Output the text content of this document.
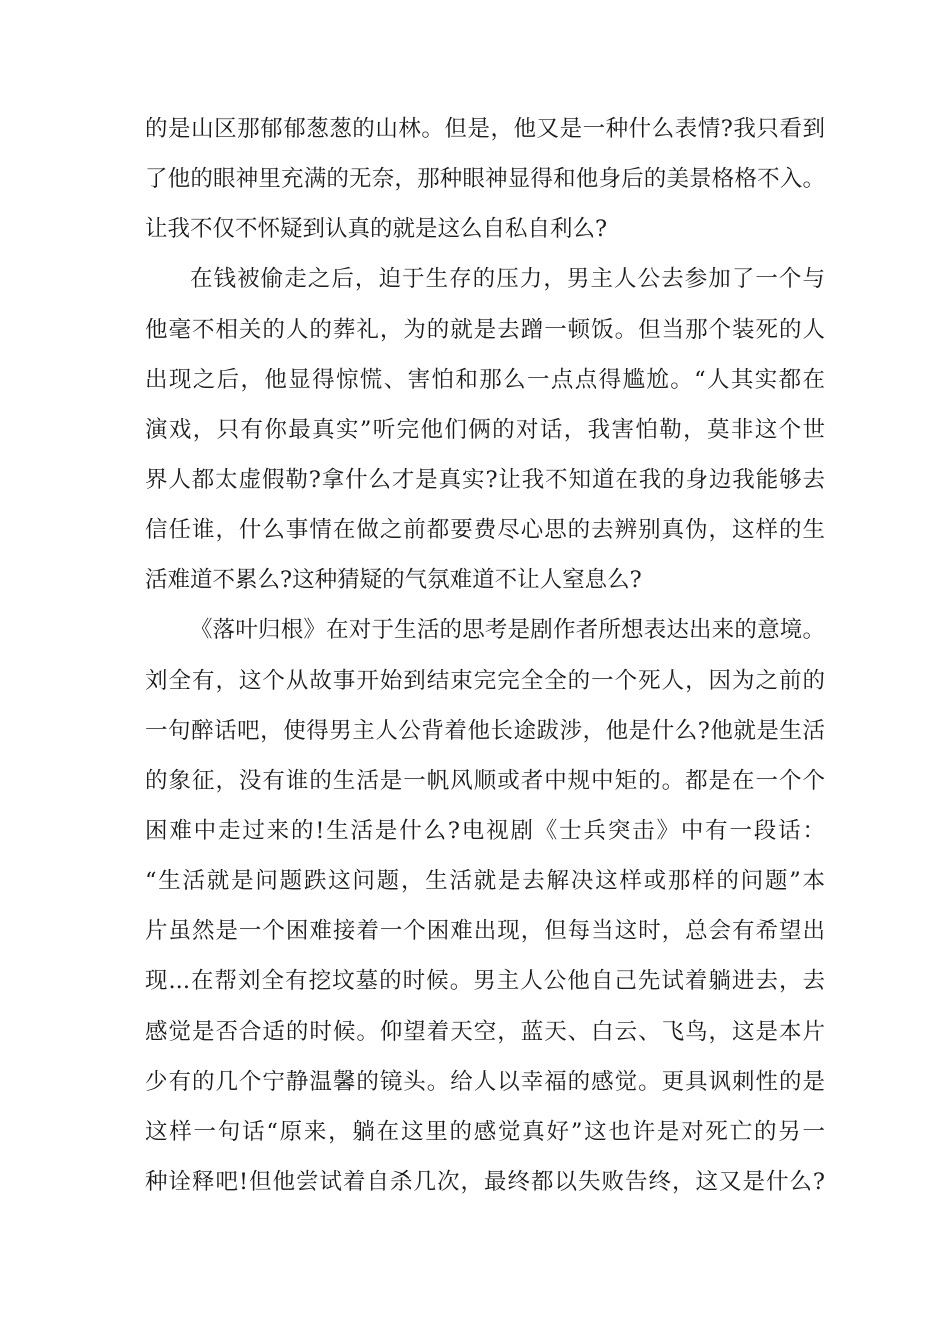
的是山区那郁郁葱葱的山林。但是，他又是一种什么表情?我只看到
了他的眼神里充满的无奈，那种眼神显得和他身后的美景格格不入。
让我不仅不怀疑到认真的就是这么自私自利么?
在钱被偷走之后，迫于生存的压力，男主人公去参加了一个与
他毫不相关的人的葬礼，为的就是去蹭一顿饭。但当那个装死的人
出现之后，他显得惊慌、害怕和那么一点点得尴尬。“人其实都在
演戏，只有你最真实”听完他们俩的对话，我害怕勒，莫非这个世
界人都太虚假勒?拿什么才是真实?让我不知道在我的身边我能够去
信任谁，什么事情在做之前都要费尽心思的去辨别真伪，这样的生
活难道不累么?这种猜疑的气氛难道不让人窒息么?
《落叶归根》在对于生活的思考是剧作者所想表达出来的意境。
刘全有，这个从故事开始到结束完完全全的一个死人，因为之前的
一句醉话吧，使得男主人公背着他长途跋涉，他是什么?他就是生活
的象征，没有谁的生活是一帆风顺或者中规中矩的。都是在一个个
困难中走过来的!生活是什么?电视剧《士兵突击》中有一段话：
“生活就是问题跌这问题，生活就是去解决这样或那样的问题”本
片虽然是一个困难接着一个困难出现，但每当这时，总会有希望出
现...在帮刘全有挖坟墓的时候。男主人公他自己先试着躺进去，去
感觉是否合适的时候。仰望着天空，蓝天、白云、飞鸟，这是本片
少有的几个宁静温馨的镜头。给人以幸福的感觉。更具讽刺性的是
这样一句话“原来，躺在这里的感觉真好”这也许是对死亡的另一
种诠释吧!但他尝试着自杀几次，最终都以失败告终，这又是什么?
